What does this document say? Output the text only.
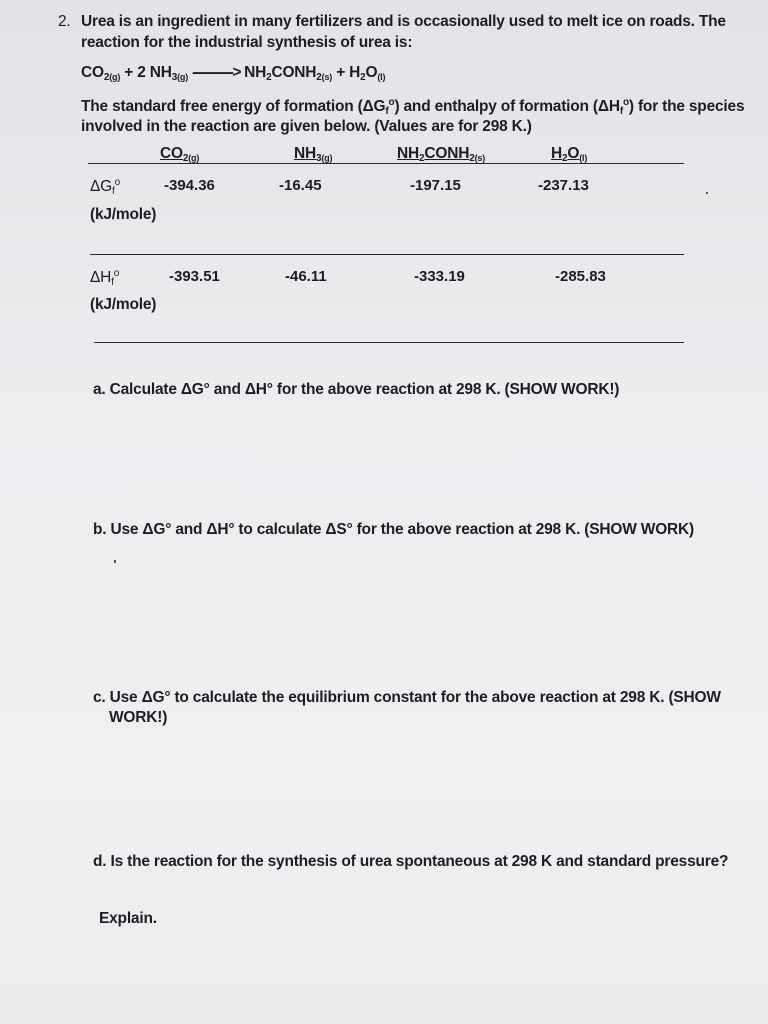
2. Urea is an ingredient in many fertilizers and is occasionally used to melt ice on roads. The
reaction for the industrial synthesis of urea is:
$CO_2(g) + 2$ $NH_3(g)$ -----------> $NH_2CONH_2(s) + H_2O(l)$
The standard free energy of formation $(\Delta G_f^o)$ and enthalpy of formation $(\Delta H_f^o)$ for the species
involved in the reaction are given below. (Values are for 298 K.)
$CO_2(g)$	$NH_3(g)$	$NH_2CONH_2(s)$	$H_2O(l)$
$\Delta G_f^o$	-394.36	-16.45	-197.15	-237.13
(kJ/mole)
$\Delta H_f^o$	-393.51	-46.11	-333.19	-285.83
(kJ/mole)
a. Calculate ΔG° and ΔH° for the above reaction at 298 K. (SHOW WORK!)
b. Use ΔG° and ΔH° to calculate ΔS° for the above reaction at 298 K. (SHOW WORK)
c. Use ΔG° to calculate the equilibrium constant for the above reaction at 298 K. (SHOW
WORK!)
d. Is the reaction for the synthesis of urea spontaneous at 298 K and standard pressure?
Explain.
